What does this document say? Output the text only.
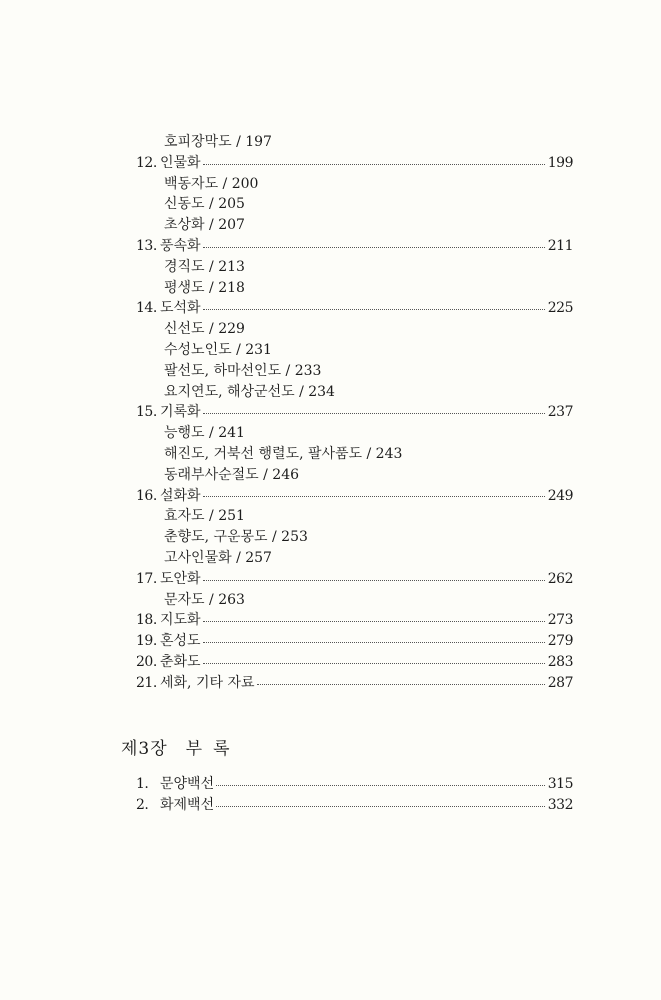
호피장막도 / 197
12. 인물화	199
백동자도 / 200
신동도 / 205
초상화 / 207
13. 풍속화	211
경직도 / 213
평생도 / 218
14. 도석화	225
신선도 / 229
수성노인도 / 231
팔선도, 하마선인도 / 233
요지연도, 해상군선도 / 234
15. 기록화	237
능행도 / 241
해진도, 거북선 행렬도, 팔사품도 / 243
동래부사순절도 / 246
16. 설화화	249
효자도 / 251
춘향도, 구운몽도 / 253
고사인물화 / 257
17. 도안화	262
문자도 / 263
18. 지도화	273
19. 혼성도	279
20. 춘화도	283
21. 세화, 기타 자료	287
제3장 부 록
1. 문양백선	315
2. 화제백선	332
